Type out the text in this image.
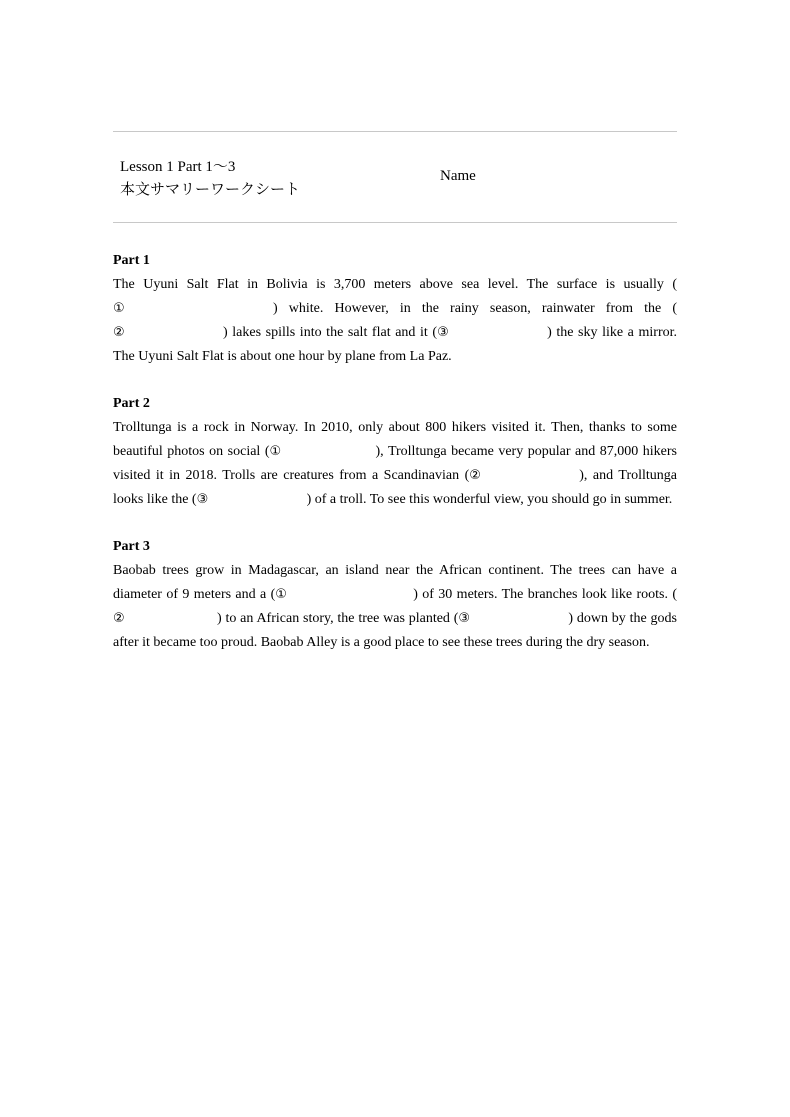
Lesson 1 Part 1～3
本文サマリーワークシート
Name

Part 1

The Uyuni Salt Flat in Bolivia is 3,700 meters above sea level. The surface is usually (①	) white. However, in the rainy season, rainwater from the (②	) lakes spills into the salt flat and it (③	) the sky like a mirror. The Uyuni Salt Flat is about one hour by plane from La Paz.

Part 2

Trolltunga is a rock in Norway. In 2010, only about 800 hikers visited it. Then, thanks to some beautiful photos on social (①	), Trolltunga became very popular and 87,000 hikers visited it in 2018. Trolls are creatures from a Scandinavian (②	), and Trolltunga looks like the (③	) of a troll. To see this wonderful view, you should go in summer.

Part 3

Baobab trees grow in Madagascar, an island near the African continent. The trees can have a diameter of 9 meters and a (①	) of 30 meters. The branches look like roots. (②	) to an African story, the tree was planted (③	) down by the gods after it became too proud. Baobab Alley is a good place to see these trees during the dry season.
